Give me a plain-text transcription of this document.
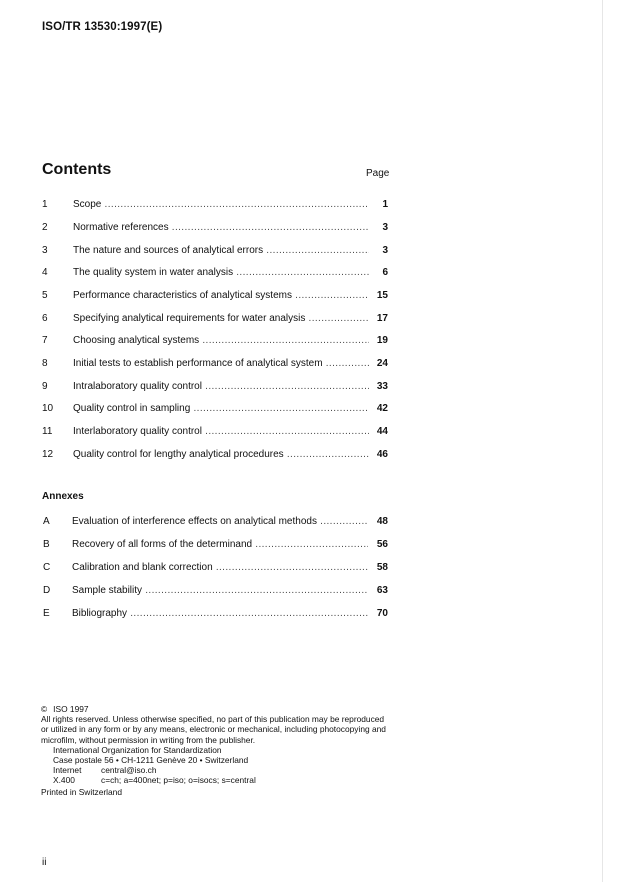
ISO/TR 13530:1997(E)
Contents	Page
1	Scope .....	1
2	Normative references .....	3
3	The nature and sources of analytical errors .....	3
4	The quality system in water analysis .....	6
5	Performance characteristics of analytical systems .....	15
6	Specifying analytical requirements for water analysis .....	17
7	Choosing analytical systems .....	19
8	Initial tests to establish performance of analytical system .....	24
9	Intralaboratory quality control .....	33
10 Quality control in sampling .....	42
11 Interlaboratory quality control .....	44
12 Quality control for lengthy analytical procedures .....	46
Annexes
A Evaluation of interference effects on analytical methods .....	48
B Recovery of all forms of the determinand .....	56
C Calibration and blank correction .....	58
D Sample stability .....	63
E Bibliography .....	70
© ISO 1997
All rights reserved. Unless otherwise specified, no part of this publication may be reproduced
or utilized in any form or by any means, electronic or mechanical, including photocopying and
microfilm, without permission in writing from the publisher.
International Organization for Standardization
Case postale 56 • CH-1211 Genève 20 • Switzerland
Internet central@iso.ch
X.400	c=ch; a=400net; p=iso; o=isocs; s=central
Printed in Switzerland
ii
